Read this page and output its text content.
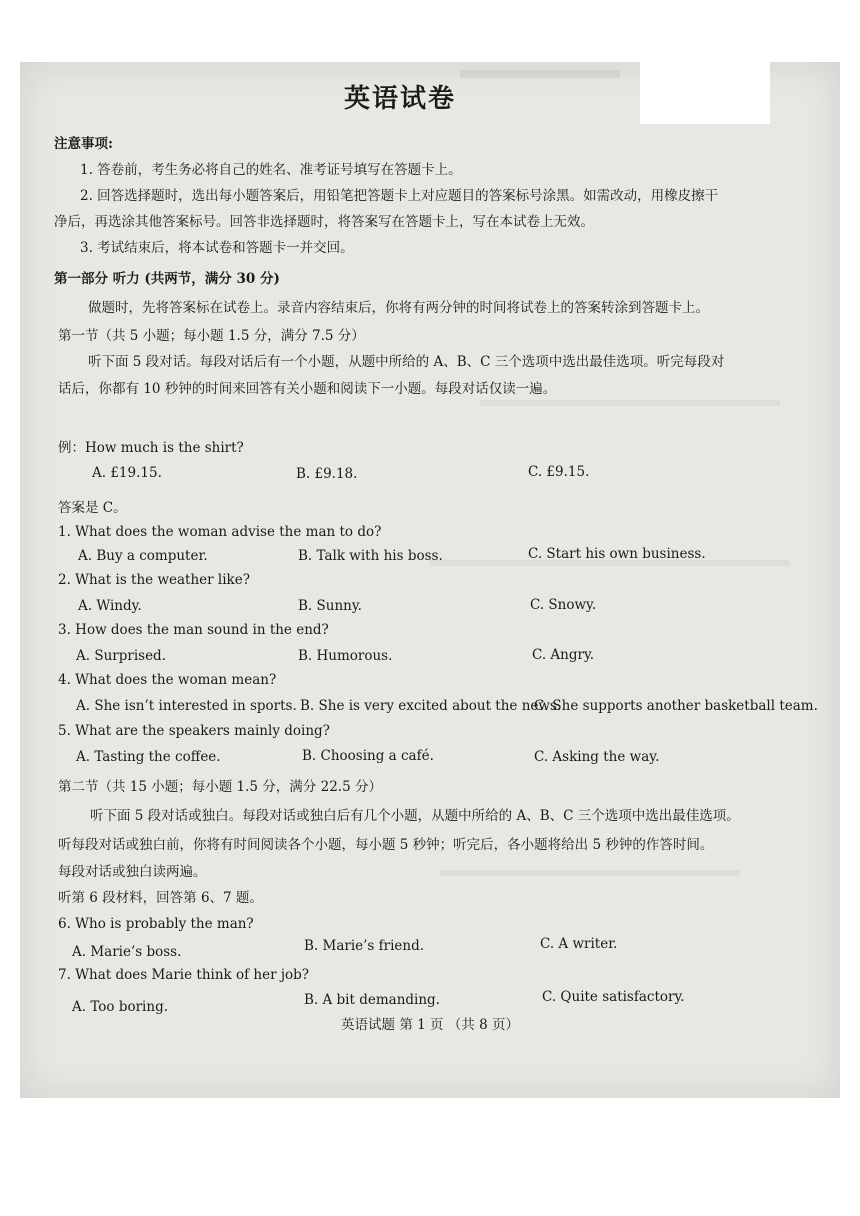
英语试卷
注意事项:
1. 答卷前，考生务必将自己的姓名、准考证号填写在答题卡上。
2. 回答选择题时，选出每小题答案后，用铅笔把答题卡上对应题目的答案标号涂黑。如需改动，用橡皮擦干
净后，再选涂其他答案标号。回答非选择题时，将答案写在答题卡上，写在本试卷上无效。
3. 考试结束后，将本试卷和答题卡一并交回。
第一部分 听力 (共两节，满分 30 分)
做题时，先将答案标在试卷上。录音内容结束后，你将有两分钟的时间将试卷上的答案转涂到答题卡上。
第一节（共 5 小题；每小题 1.5 分，满分 7.5 分）
听下面 5 段对话。每段对话后有一个小题，从题中所给的 A、B、C 三个选项中选出最佳选项。听完每段对
话后，你都有 10 秒钟的时间来回答有关小题和阅读下一小题。每段对话仅读一遍。
例：How much is the shirt?
A. £19.15.	B. £9.18.	C. £9.15.
答案是 C。
1. What does the woman advise the man to do?
A. Buy a computer.	B. Talk with his boss.	C. Start his own business.
2. What is the weather like?
A. Windy.	B. Sunny.	C. Snowy.
3. How does the man sound in the end?
A. Surprised.	B. Humorous.	C. Angry.
4. What does the woman mean?
A. She isn’t interested in sports. B. She is very excited about the news.
C. She supports another basketball team.
5. What are the speakers mainly doing?
A. Tasting the coffee.	B. Choosing a café.	C. Asking the way.
第二节（共 15 小题；每小题 1.5 分，满分 22.5 分）
听下面 5 段对话或独白。每段对话或独白后有几个小题，从题中所给的 A、B、C 三个选项中选出最佳选项。
听每段对话或独白前，你将有时间阅读各个小题，每小题 5 秒钟；听完后，各小题将给出 5 秒钟的作答时间。
每段对话或独白读两遍。
听第 6 段材料，回答第 6、7 题。
6. Who is probably the man?
A. Marie’s boss.	B. Marie’s friend.	C. A writer.
7. What does Marie think of her job?
A. Too boring.	B. A bit demanding.	C. Quite satisfactory.
英语试题 第 1 页 （共 8 页）
